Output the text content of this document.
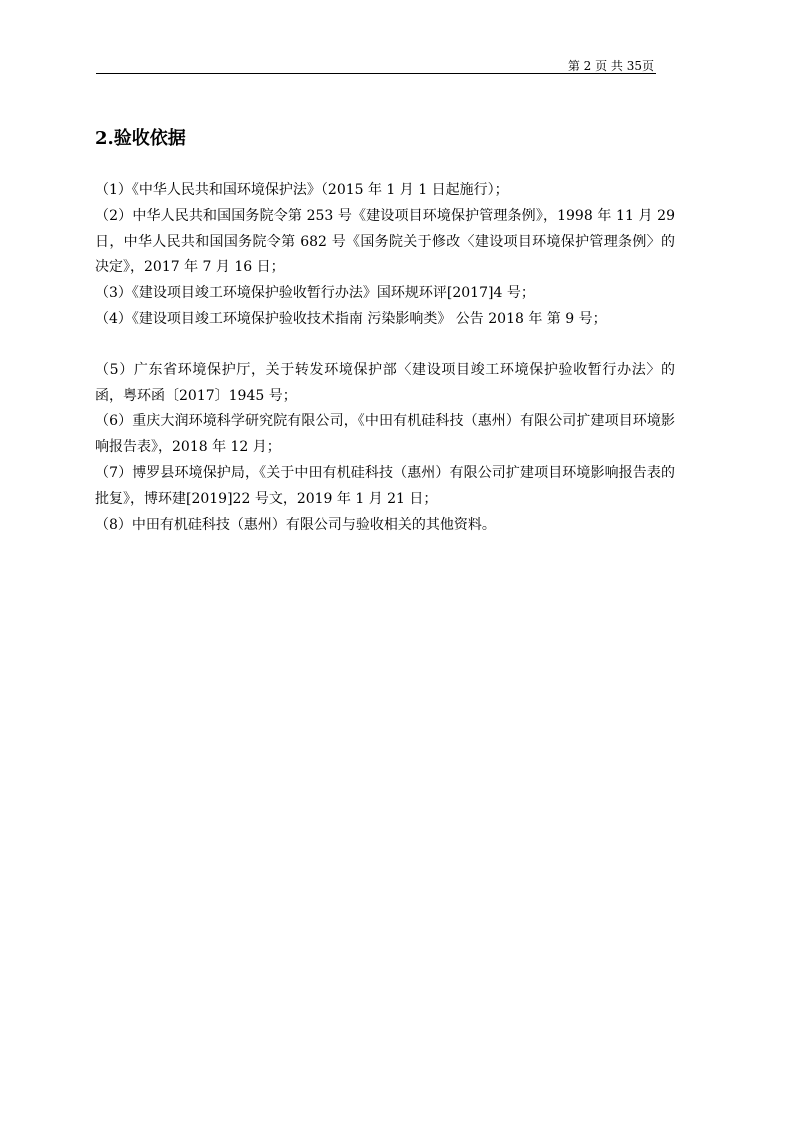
第 2 页 共 35页
2.验收依据
（1）《中华人民共和国环境保护法》（2015 年 1 月 1 日起施行）；
（2）中华人民共和国国务院令第 253 号《建设项目环境保护管理条例》，1998 年 11 月 29 日，中华人民共和国国务院令第 682 号《国务院关于修改〈建设项目环境保护管理条例〉的决定》，2017 年 7 月 16 日；
（3）《建设项目竣工环境保护验收暂行办法》国环规环评[2017]4 号；
（4）《建设项目竣工环境保护验收技术指南 污染影响类》 公告 2018 年 第 9 号；
（5）广东省环境保护厅，关于转发环境保护部〈建设项目竣工环境保护验收暂行办法〉的函，粤环函〔2017〕1945 号；
（6）重庆大润环境科学研究院有限公司，《中田有机硅科技（惠州）有限公司扩建项目环境影响报告表》，2018 年 12 月；
（7）博罗县环境保护局，《关于中田有机硅科技（惠州）有限公司扩建项目环境影响报告表的批复》，博环建[2019]22 号文，2019 年 1 月 21 日；
（8）中田有机硅科技（惠州）有限公司与验收相关的其他资料。
